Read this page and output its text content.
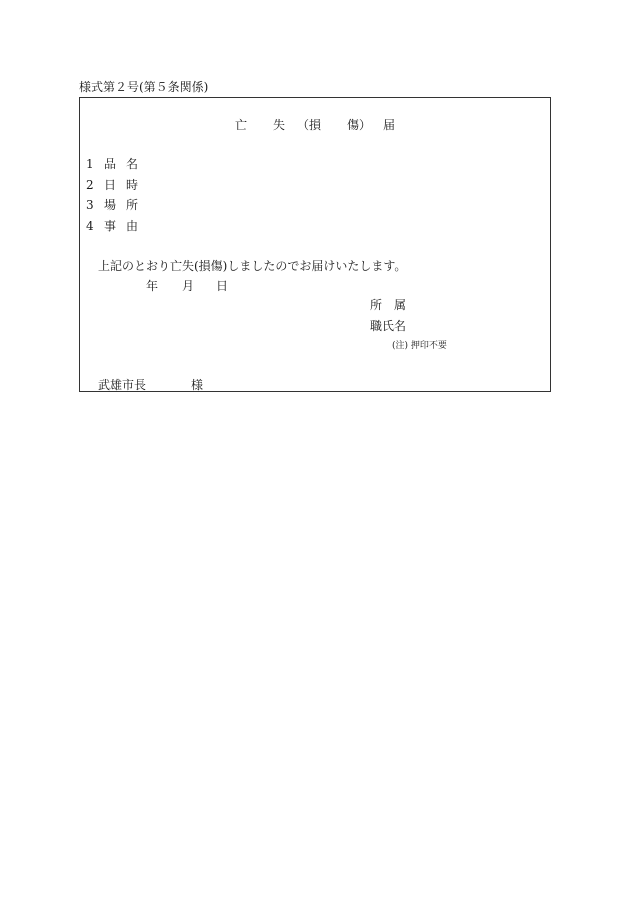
様式第２号(第５条関係)
亡 失 （損 傷） 届
1 品名
2 日時
3 場所
4 事由
上記のとおり亡失(損傷)しましたのでお届けいたします。
年 月 日
所　属
職氏名
(注) 押印不要
武雄市長	様
